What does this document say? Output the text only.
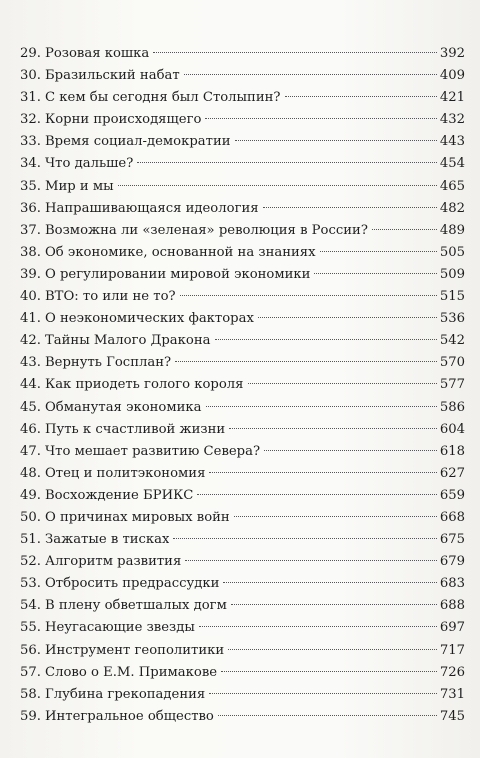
29. Розовая кошка	392
30. Бразильский набат	409
31. С кем бы сегодня был Столыпин?	421
32. Корни происходящего	432
33. Время социал-демократии	443
34. Что дальше?	454
35. Мир и мы	465
36. Напрашивающаяся идеология	482
37. Возможна ли «зеленая» революция в России?	489
38. Об экономике, основанной на знаниях	505
39. О регулировании мировой экономики	509
40. ВТО: то или не то?	515
41. О неэкономических факторах	536
42. Тайны Малого Дракона	542
43. Вернуть Госплан?	570
44. Как приодеть голого короля	577
45. Обманутая экономика	586
46. Путь к счастливой жизни	604
47. Что мешает развитию Севера?	618
48. Отец и политэкономия	627
49. Восхождение БРИКС	659
50. О причинах мировых войн	668
51. Зажатые в тисках	675
52. Алгоритм развития	679
53. Отбросить предрассудки	683
54. В плену обветшалых догм	688
55. Неугасающие звезды	697
56. Инструмент геополитики	717
57. Слово о Е.М. Примакове	726
58. Глубина грекопадения	731
59. Интегральное общество	745
